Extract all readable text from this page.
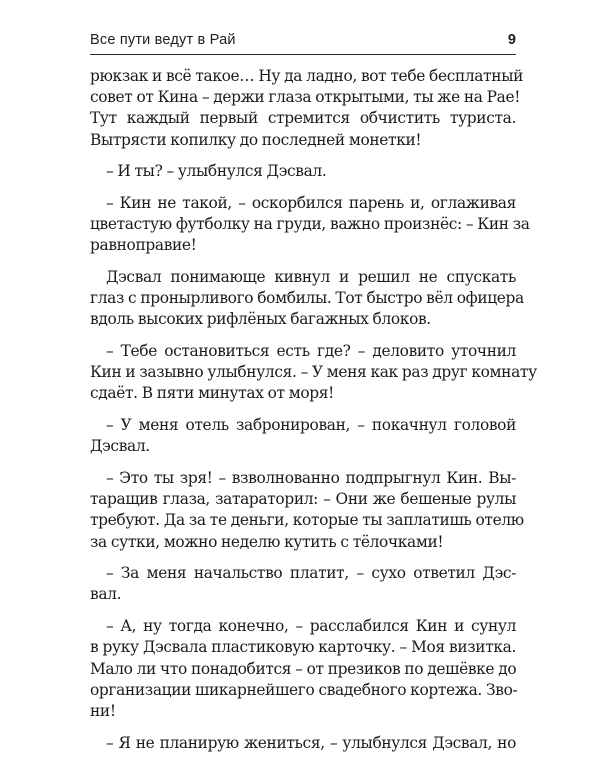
Все пути ведут в Рай	9
рюкзак и всё такое… Ну да ладно, вот тебе бесплатный
совет от Кина – держи глаза открытыми, ты же на Рае!
Тут каждый первый стремится обчистить туриста.
Вытрясти копилку до последней монетки!
– И ты? – улыбнулся Дэсвал.
– Кин не такой, – оскорбился парень и, оглаживая
цветастую футболку на груди, важно произнёс: – Кин за
равноправие!
Дэсвал понимающе кивнул и решил не спускать
глаз с пронырливого бомбилы. Тот быстро вёл офицера
вдоль высоких рифлёных багажных блоков.
– Тебе остановиться есть где? – деловито уточнил
Кин и зазывно улыбнулся. – У меня как раз друг комнату
сдаёт. В пяти минутах от моря!
– У меня отель забронирован, – покачнул головой
Дэсвал.
– Это ты зря! – взволнованно подпрыгнул Кин. Вы-
таращив глаза, затараторил: – Они же бешеные рулы
требуют. Да за те деньги, которые ты заплатишь отелю
за сутки, можно неделю кутить с тёлочками!
– За меня начальство платит, – сухо ответил Дэс-
вал.
– А, ну тогда конечно, – расслабился Кин и сунул
в руку Дэсвала пластиковую карточку. – Моя визитка.
Мало ли что понадобится – от презиков по дешёвке до
организации шикарнейшего свадебного кортежа. Зво-
ни!
– Я не планирую жениться, – улыбнулся Дэсвал, но
